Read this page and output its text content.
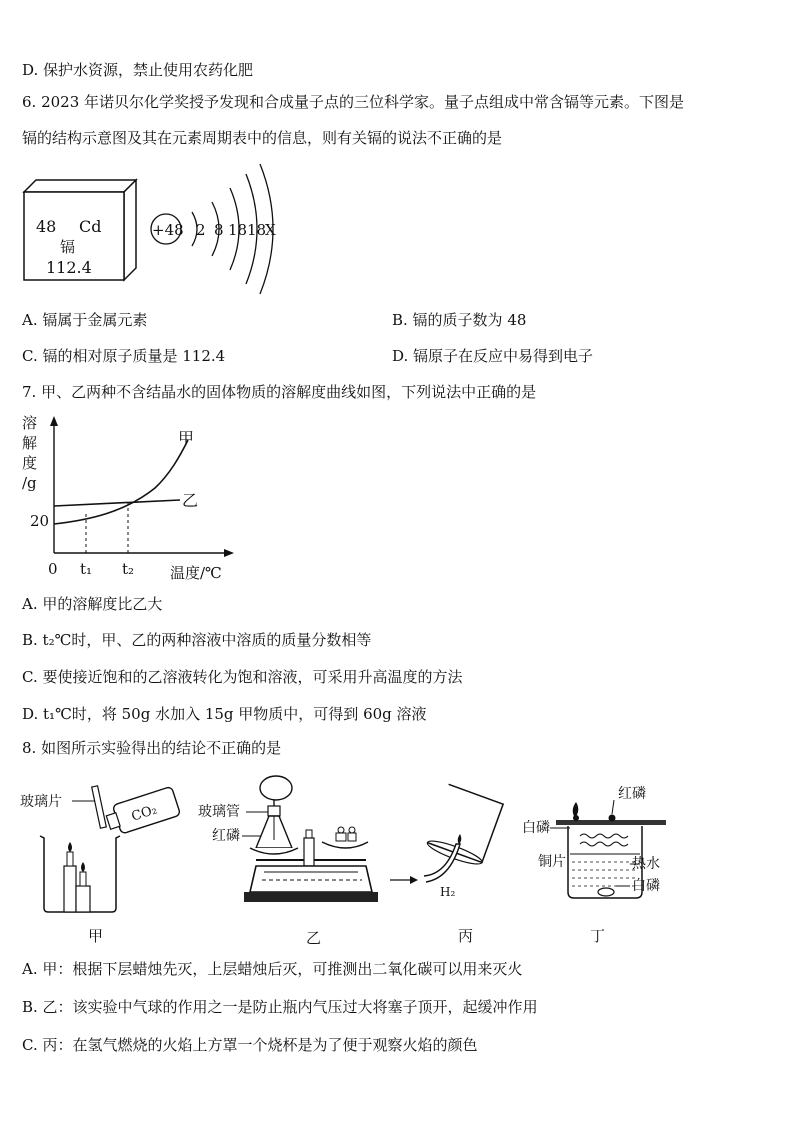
D. 保护水资源，禁止使用农药化肥
6. 2023 年诺贝尔化学奖授予发现和合成量子点的三位科学家。量子点组成中常含镉等元素。下图是
镉的结构示意图及其在元素周期表中的信息，则有关镉的说法不正确的是
48 Cd
镉
112.4
+48 2 8 18 18
X
A. 镉属于金属元素	B. 镉的质子数为 48
C. 镉的相对原子质量是 112.4	D. 镉原子在反应中易得到电子
7. 甲、乙两种不含结晶水的固体物质的溶解度曲线如图，下列说法中正确的是
溶
解
度
/g
甲
乙
20
0 t₁ t₂ 温度/℃
A. 甲的溶解度比乙大
B. t₂℃时，甲、乙的两种溶液中溶质的质量分数相等
C. 要使接近饱和的乙溶液转化为饱和溶液，可采用升高温度的方法
D. t₁℃时，将 50g 水加入 15g 甲物质中，可得到 60g 溶液
8. 如图所示实验得出的结论不正确的是
玻璃片
CO₂	玻璃管
红磷
H₂
红磷
白磷
铜片	热水
白磷
甲	乙	丙	丁
A. 甲：根据下层蜡烛先灭，上层蜡烛后灭，可推测出二氧化碳可以用来灭火
B. 乙：该实验中气球的作用之一是防止瓶内气压过大将塞子顶开，起缓冲作用
C. 丙：在氢气燃烧的火焰上方罩一个烧杯是为了便于观察火焰的颜色
